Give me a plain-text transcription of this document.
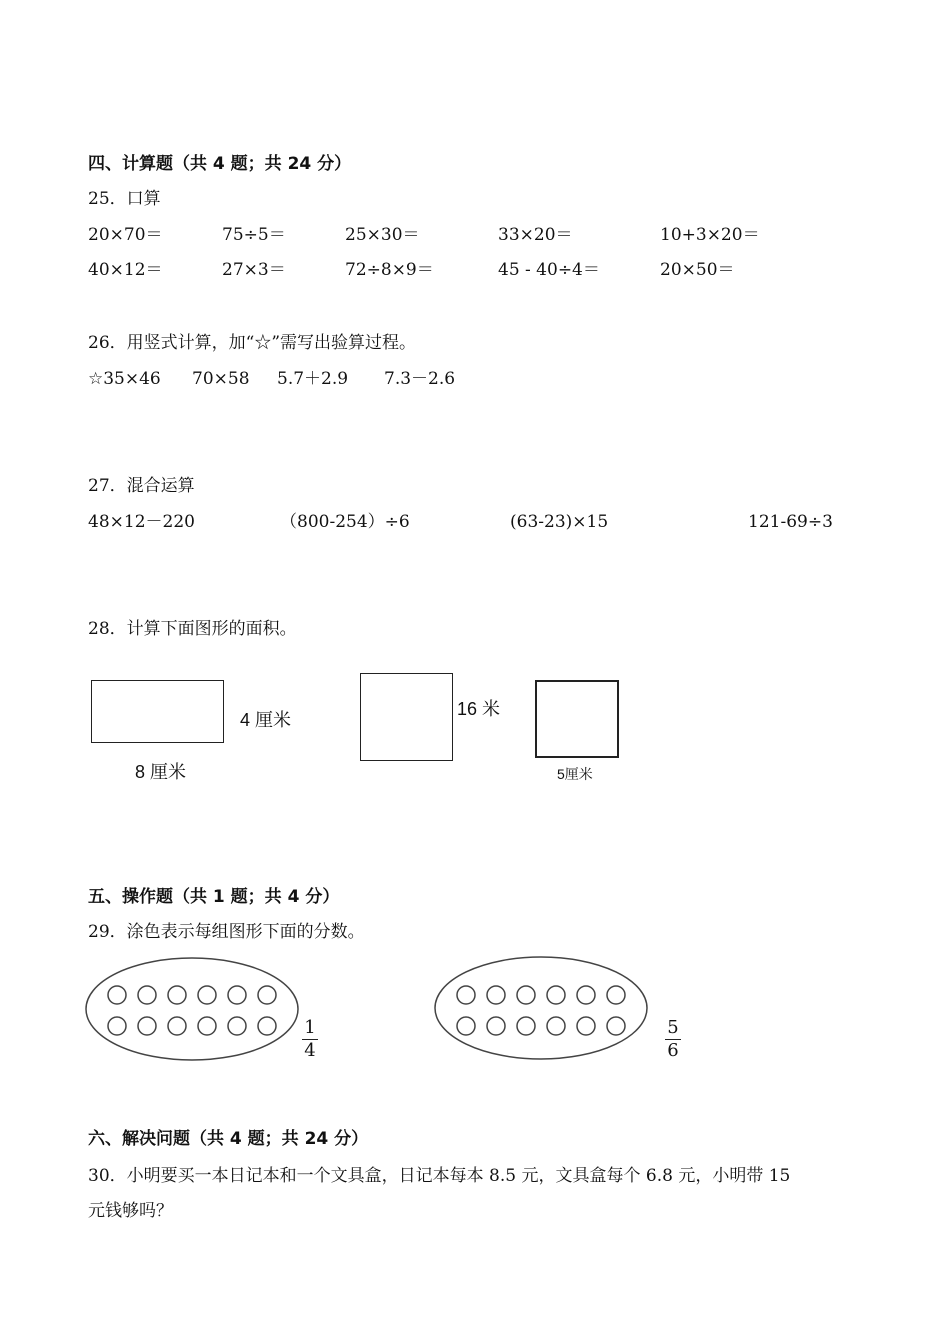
四、计算题（共 4 题；共 24 分）
25．口算
20×70＝	75÷5＝	25×30＝	33×20＝	10+3×20＝
40×12＝	27×3＝	72÷8×9＝	45 - 40÷4＝	20×50＝
26．用竖式计算，加“☆”需写出验算过程。
☆35×46 70×58 5.7＋2.9 7.3－2.6
27．混合运算
48×12－220	（800-254）÷6	(63-23)×15	121-69÷3
28．计算下面图形的面积。
4 厘米
8 厘米
16 米
5厘米
五、操作题（共 1 题；共 4 分）
29．涂色表示每组图形下面的分数。
1
4
5
6
六、解决问题（共 4 题；共 24 分）
30．小明要买一本日记本和一个文具盒，日记本每本 8.5 元，文具盒每个 6.8 元，小明带 15
元钱够吗？
